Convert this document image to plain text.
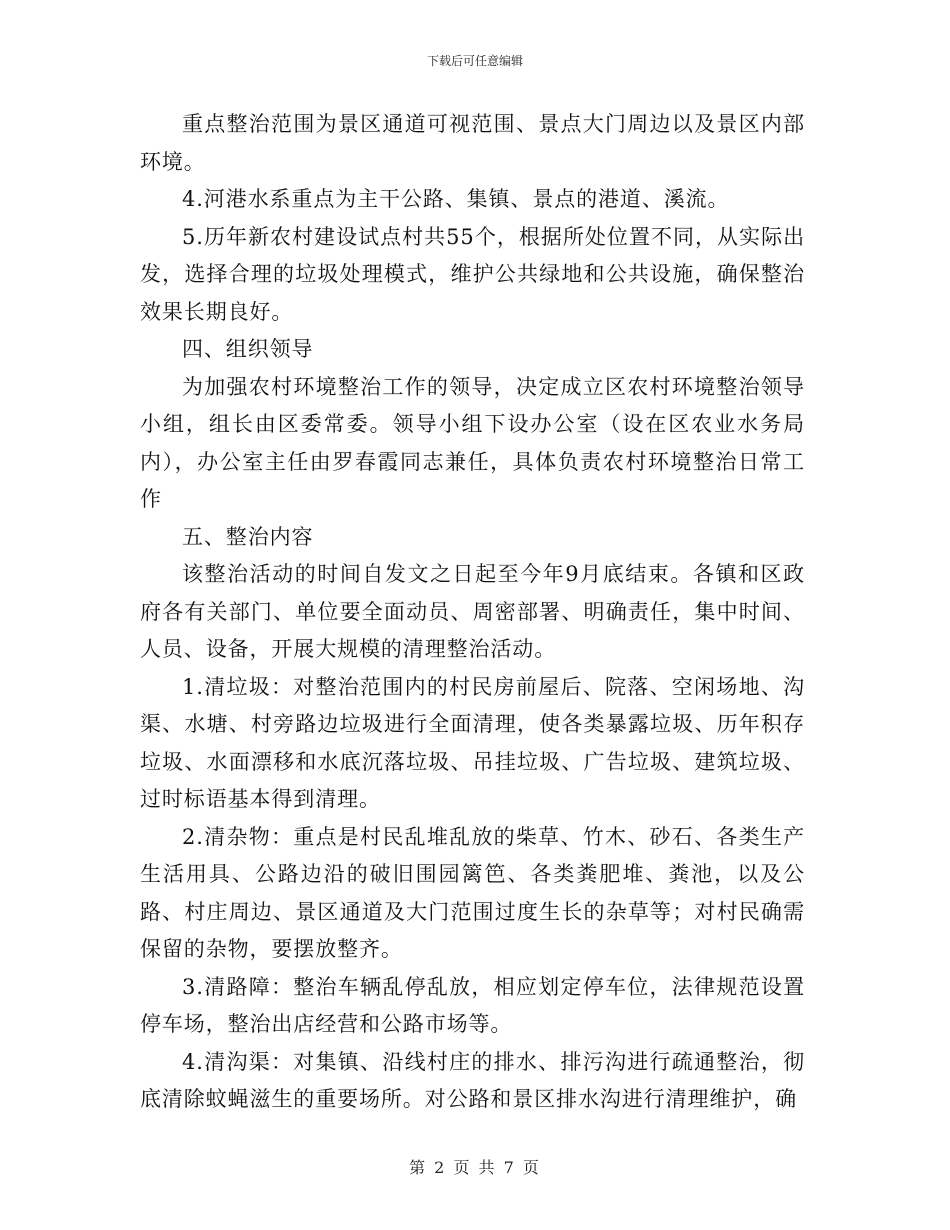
下载后可任意编辑

重点整治范围为景区通道可视范围、景点大门周边以及景区内部环境。

4.河港水系重点为主干公路、集镇、景点的港道、溪流。

5.历年新农村建设试点村共55个，根据所处位置不同，从实际出发，选择合理的垃圾处理模式，维护公共绿地和公共设施，确保整治效果长期良好。

四、组织领导

为加强农村环境整治工作的领导，决定成立区农村环境整治领导小组，组长由区委常委。领导小组下设办公室（设在区农业水务局内），办公室主任由罗春霞同志兼任，具体负责农村环境整治日常工作

五、整治内容

该整治活动的时间自发文之日起至今年9月底结束。各镇和区政府各有关部门、单位要全面动员、周密部署、明确责任，集中时间、人员、设备，开展大规模的清理整治活动。

1.清垃圾：对整治范围内的村民房前屋后、院落、空闲场地、沟渠、水塘、村旁路边垃圾进行全面清理，使各类暴露垃圾、历年积存垃圾、水面漂移和水底沉落垃圾、吊挂垃圾、广告垃圾、建筑垃圾、过时标语基本得到清理。

2.清杂物：重点是村民乱堆乱放的柴草、竹木、砂石、各类生产生活用具、公路边沿的破旧围园篱笆、各类粪肥堆、粪池，以及公路、村庄周边、景区通道及大门范围过度生长的杂草等；对村民确需保留的杂物，要摆放整齐。

3.清路障：整治车辆乱停乱放，相应划定停车位，法律规范设置停车场，整治出店经营和公路市场等。

4.清沟渠：对集镇、沿线村庄的排水、排污沟进行疏通整治，彻底清除蚊蝇滋生的重要场所。对公路和景区排水沟进行清理维护，确

第 2 页 共 7 页
